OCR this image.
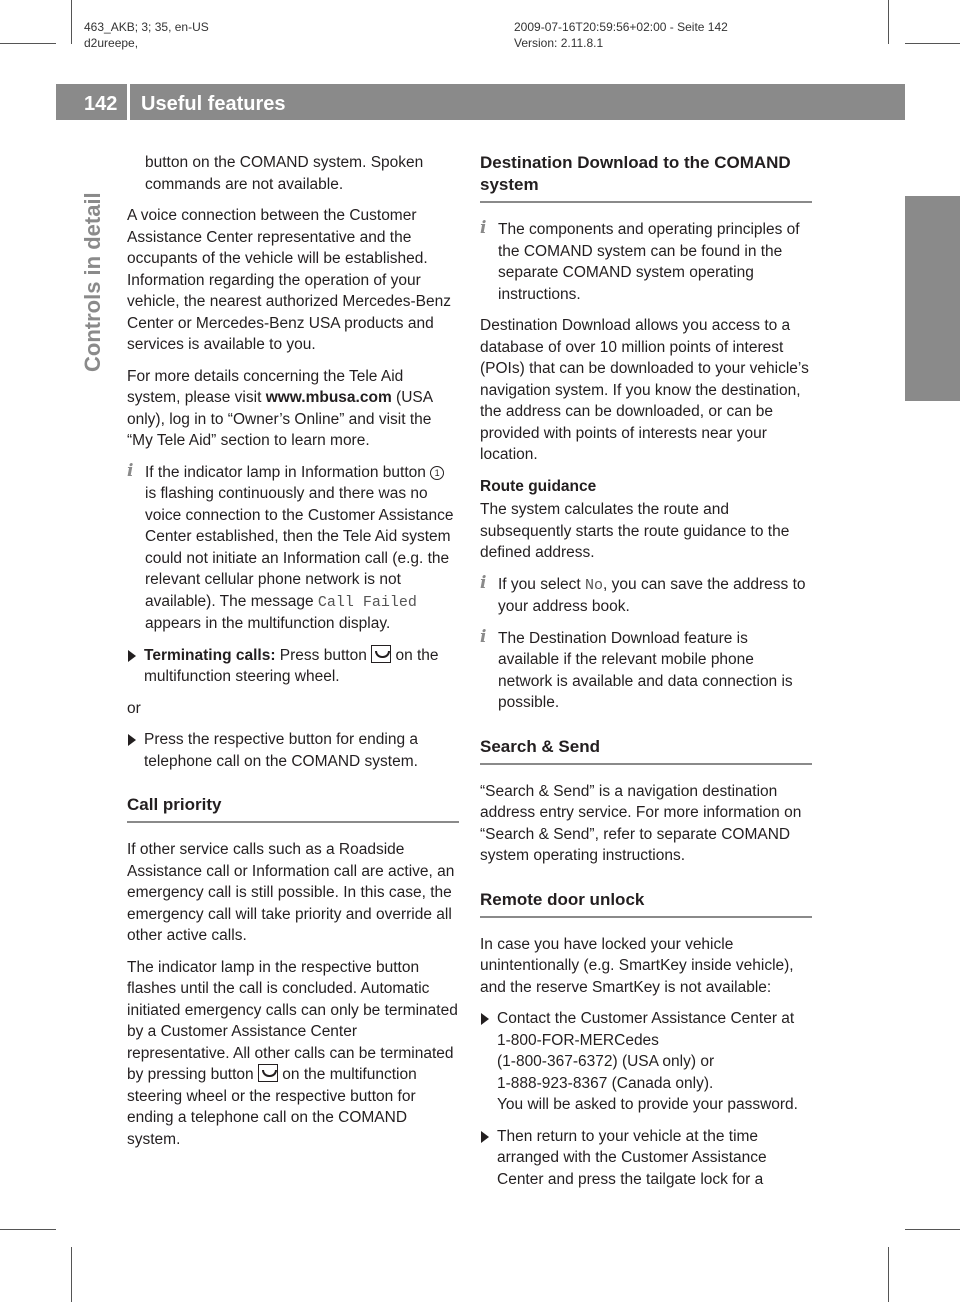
463_AKB; 3; 35, en-US
d2ureepe,
2009-07-16T20:59:56+02:00 - Seite 142
Version: 2.11.8.1
142 Useful features
Controls in detail

button on the COMAND system. Spoken commands are not available.

A voice connection between the Customer Assistance Center representative and the occupants of the vehicle will be established. Information regarding the operation of your vehicle, the nearest authorized Mercedes-Benz Center or Mercedes-Benz USA products and services is available to you.

For more details concerning the Tele Aid system, please visit www.mbusa.com (USA only), log in to “Owner’s Online” and visit the “My Tele Aid” section to learn more.

i If the indicator lamp in Information button 1 is flashing continuously and there was no voice connection to the Customer Assistance Center established, then the Tele Aid system could not initiate an Information call (e.g. the relevant cellular phone network is not available). The message Call Failed appears in the multifunction display.
Terminating calls: Press button  on the multifunction steering wheel.

or

Press the respective button for ending a telephone call on the COMAND system.
Call priority

If other service calls such as a Roadside Assistance call or Information call are active, an emergency call is still possible. In this case, the emergency call will take priority and override all other active calls.

The indicator lamp in the respective button flashes until the call is concluded. Automatic initiated emergency calls can only be terminated by a Customer Assistance Center representative. All other calls can be terminated by pressing button  on the multifunction steering wheel or the respective button for ending a telephone call on the COMAND system.

Destination Download to the COMAND system
i The components and operating principles of the COMAND system can be found in the separate COMAND system operating instructions.

Destination Download allows you access to a database of over 10 million points of interest (POIs) that can be downloaded to your vehicle’s navigation system. If you know the destination, the address can be downloaded, or can be provided with points of interests near your location.

Route guidance

The system calculates the route and subsequently starts the route guidance to the defined address.

i If you select No, you can save the address to your address book.
i The Destination Download feature is available if the relevant mobile phone network is available and data connection is possible.
Search & Send

“Search & Send” is a navigation destination address entry service. For more information on “Search & Send”, refer to separate COMAND system operating instructions.

Remote door unlock

In case you have locked your vehicle unintentionally (e.g. SmartKey inside vehicle), and the reserve SmartKey is not available:

Contact the Customer Assistance Center at 1-800-FOR-MERCedes
(1-800-367-6372) (USA only) or
1-888-923-8367 (Canada only).
You will be asked to provide your password.
Then return to your vehicle at the time arranged with the Customer Assistance Center and press the tailgate lock for a
